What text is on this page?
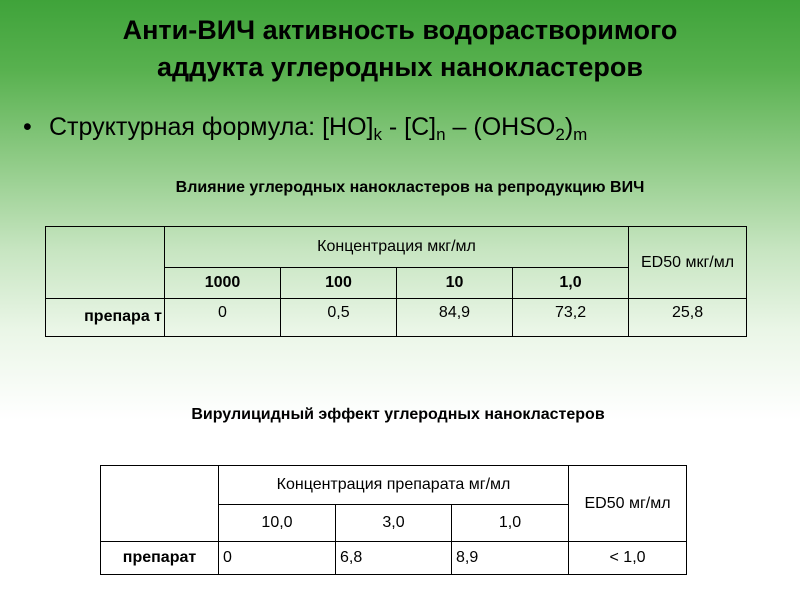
Анти-ВИЧ активность водорастворимого
аддукта углеродных нанокластеров
• Структурная формула: $[HO]_k - [C]_n$ – $(OHSO_2)_m$
Влияние углеродных нанокластеров на репродукцию ВИЧ
	Концентрация мкг/мл				ED50 мкг/мл
	1000	100	10	1,0	
препара т	0	0,5	84,9	73,2	25,8
Вирулицидный эффект углеродных нанокластеров
	Концентрация препарата мг/мл			ED50 мг/мл
	10,0	3,0	1,0	
препарат	0	6,8	8,9	< 1,0
